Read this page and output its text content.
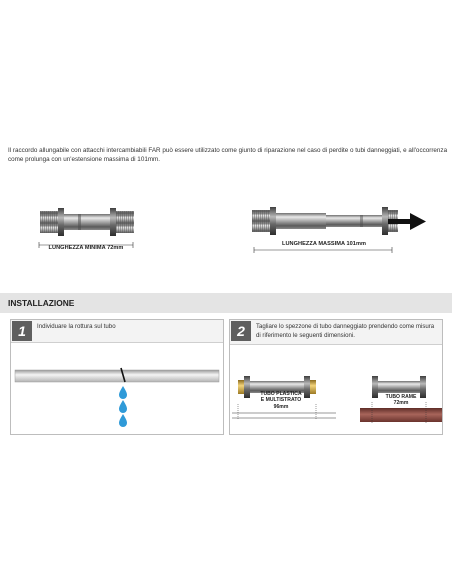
Il raccordo allungabile con attacchi intercambiabili FAR può essere utilizzato come giunto di riparazione nel caso di perdite o tubi danneggiati, e all'occorrenza come prolunga con un'estensione massima di 101mm.
LUNGHEZZA MINIMA 72mm
LUNGHEZZA MASSIMA 101mm
INSTALLAZIONE
1	Individuare la rottura sul tubo	2	Tagliare lo spezzone di tubo danneggiato prendendo come misura di riferimento le seguenti dimensioni.
TUBO PLASTICA
E MULTISTRATO
96mm
TUBO RAME
72mm
